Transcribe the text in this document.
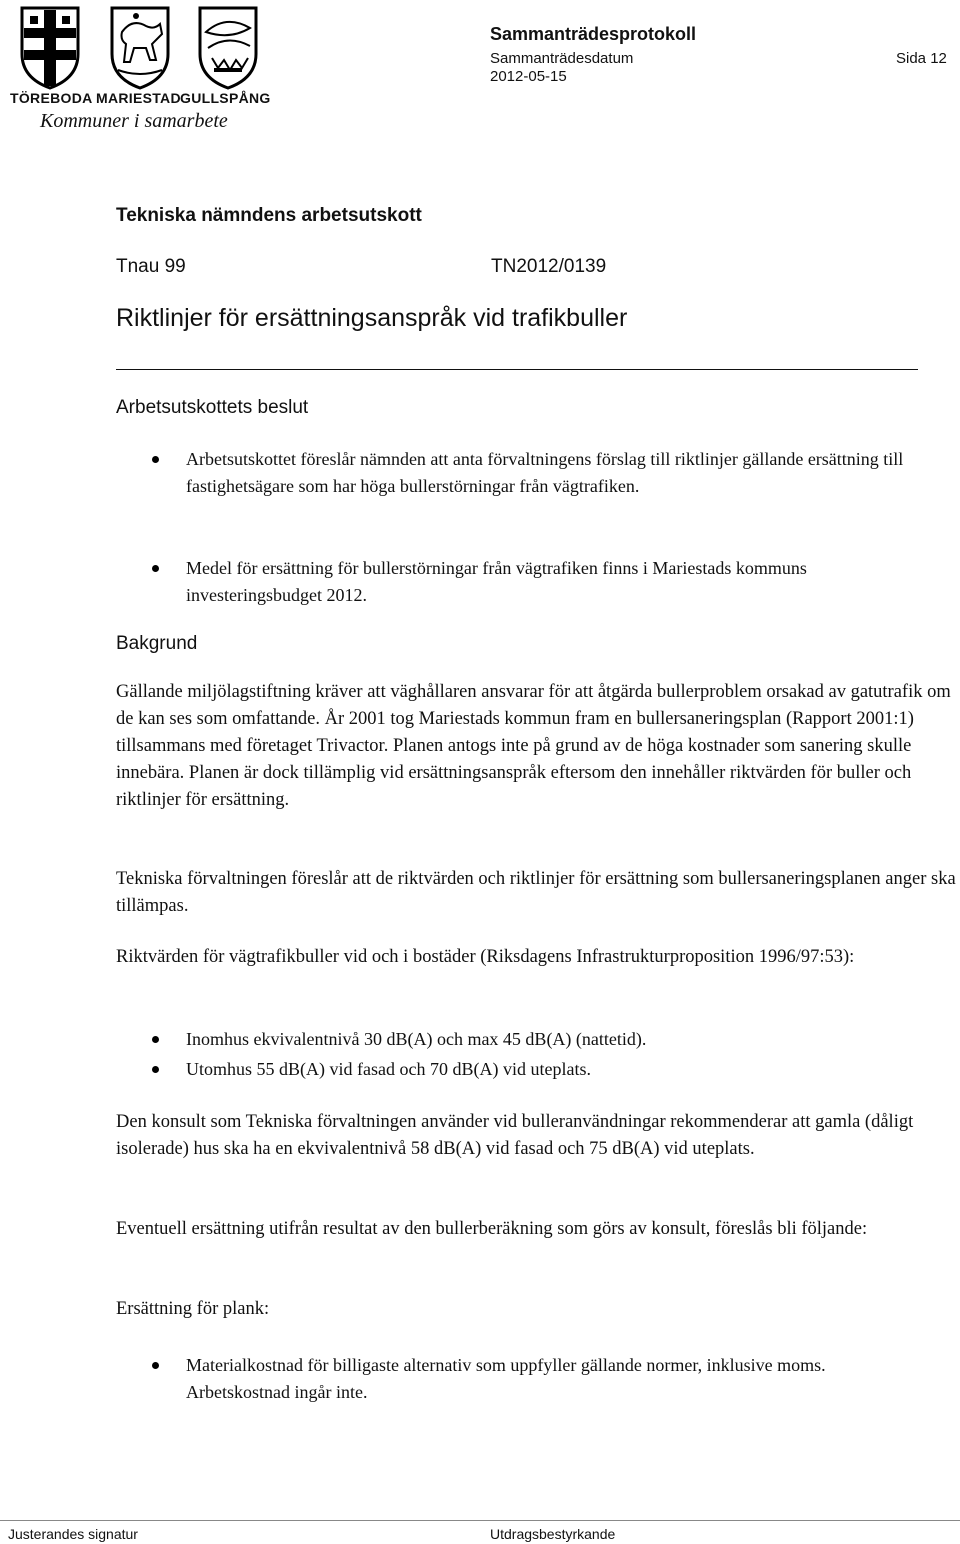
TÖREBODA MARIESTAD GULLSPÅNG
Kommuner i samarbete
Sammanträdesprotokoll
Sammanträdesdatum
2012-05-15
Sida 12
Tekniska nämndens arbetsutskott
Tnau 99	TN2012/0139
Riktlinjer för ersättningsanspråk vid trafikbuller
Arbetsutskottets beslut
Arbetsutskottet föreslår nämnden att anta förvaltningens förslag till riktlinjer gällande ersättning till fastighetsägare som har höga bullerstörningar från vägtrafiken.
Medel för ersättning för bullerstörningar från vägtrafiken finns i Mariestads kommuns investeringsbudget 2012.
Bakgrund
Gällande miljölagstiftning kräver att väghållaren ansvarar för att åtgärda bullerproblem orsakad av gatutrafik om de kan ses som omfattande. År 2001 tog Mariestads kommun fram en bullersaneringsplan (Rapport 2001:1) tillsammans med företaget Trivactor. Planen antogs inte på grund av de höga kostnader som sanering skulle innebära. Planen är dock tillämplig vid ersättningsanspråk eftersom den innehåller riktvärden för buller och riktlinjer för ersättning.
Tekniska förvaltningen föreslår att de riktvärden och riktlinjer för ersättning som bullersaneringsplanen anger ska tillämpas.
Riktvärden för vägtrafikbuller vid och i bostäder (Riksdagens Infrastrukturproposition 1996/97:53):
Inomhus ekvivalentnivå 30 dB(A) och max 45 dB(A) (nattetid).
Utomhus 55 dB(A) vid fasad och 70 dB(A) vid uteplats.
Den konsult som Tekniska förvaltningen använder vid bulleranvändningar rekommenderar att gamla (dåligt isolerade) hus ska ha en ekvivalentnivå 58 dB(A) vid fasad och 75 dB(A) vid uteplats.
Eventuell ersättning utifrån resultat av den bullerberäkning som görs av konsult, föreslås bli följande:
Ersättning för plank:
Materialkostnad för billigaste alternativ som uppfyller gällande normer, inklusive moms. Arbetskostnad ingår inte.
Justerandes signatur	Utdragsbestyrkande
